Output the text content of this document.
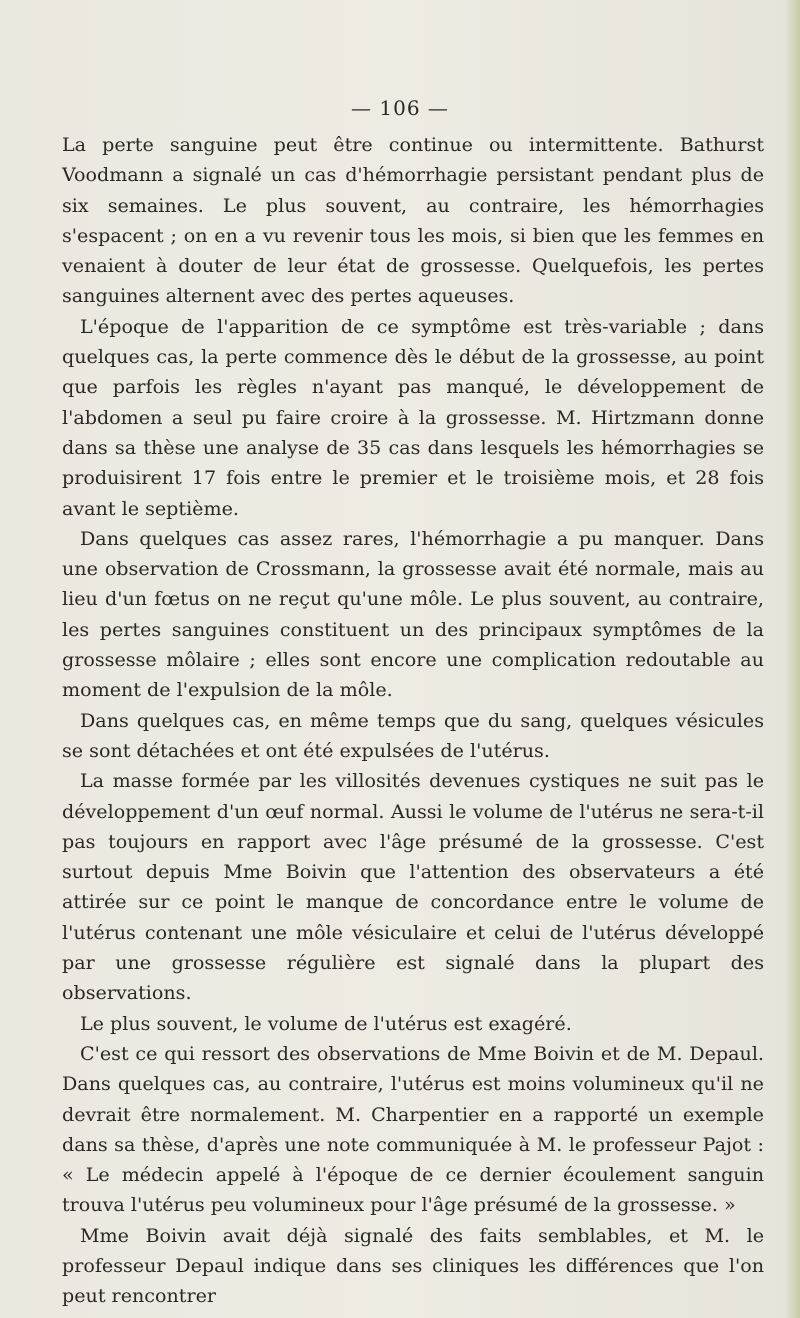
— 106 —

La perte sanguine peut être continue ou intermittente. Bathurst Voodmann a signalé un cas d'hémorrhagie persistant pendant plus de six semaines. Le plus souvent, au contraire, les hémorrhagies s'espacent ; on en a vu revenir tous les mois, si bien que les femmes en venaient à douter de leur état de grossesse. Quelquefois, les pertes sanguines alternent avec des pertes aqueuses.

L'époque de l'apparition de ce symptôme est très-variable ; dans quelques cas, la perte commence dès le début de la grossesse, au point que parfois les règles n'ayant pas manqué, le développement de l'abdomen a seul pu faire croire à la grossesse. M. Hirtzmann donne dans sa thèse une analyse de 35 cas dans lesquels les hémorrhagies se produisirent 17 fois entre le premier et le troisième mois, et 28 fois avant le septième.

Dans quelques cas assez rares, l'hémorrhagie a pu manquer. Dans une observation de Crossmann, la grossesse avait été normale, mais au lieu d'un fœtus on ne reçut qu'une môle. Le plus souvent, au contraire, les pertes sanguines constituent un des principaux symptômes de la grossesse môlaire ; elles sont encore une complication redoutable au moment de l'expulsion de la môle.

Dans quelques cas, en même temps que du sang, quelques vésicules se sont détachées et ont été expulsées de l'utérus.

La masse formée par les villosités devenues cystiques ne suit pas le développement d'un œuf normal. Aussi le volume de l'utérus ne sera-t-il pas toujours en rapport avec l'âge présumé de la grossesse. C'est surtout depuis Mme Boivin que l'attention des observateurs a été attirée sur ce point le manque de concordance entre le volume de l'utérus contenant une môle vésiculaire et celui de l'utérus développé par une grossesse régulière est signalé dans la plupart des observations.

Le plus souvent, le volume de l'utérus est exagéré.

C'est ce qui ressort des observations de Mme Boivin et de M. Depaul. Dans quelques cas, au contraire, l'utérus est moins volumineux qu'il ne devrait être normalement. M. Charpentier en a rapporté un exemple dans sa thèse, d'après une note communiquée à M. le professeur Pajot : « Le médecin appelé à l'époque de ce dernier écoulement sanguin trouva l'utérus peu volumineux pour l'âge présumé de la grossesse. »

Mme Boivin avait déjà signalé des faits semblables, et M. le professeur Depaul indique dans ses cliniques les différences que l'on peut rencontrer
